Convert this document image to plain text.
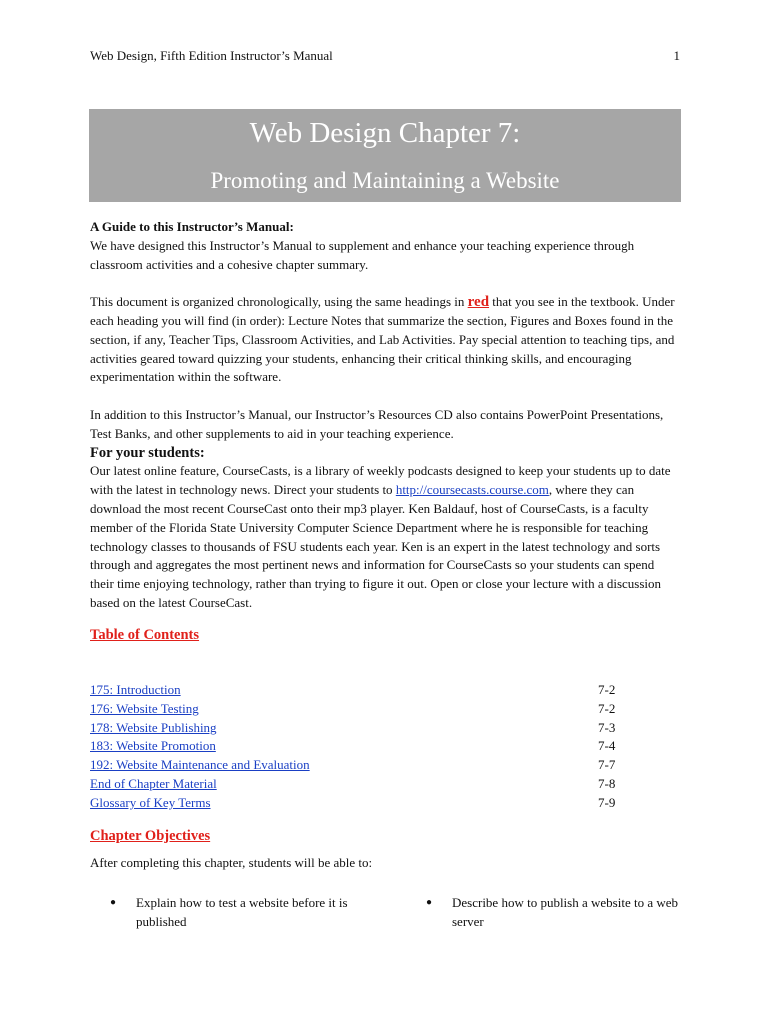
Web Design, Fifth Edition Instructor’s Manual	1
Web Design Chapter 7:
Promoting and Maintaining a Website

A Guide to this Instructor’s Manual:

We have designed this Instructor’s Manual to supplement and enhance your teaching experience through classroom activities and a cohesive chapter summary.

This document is organized chronologically, using the same headings in red that you see in the textbook. Under each heading you will find (in order): Lecture Notes that summarize the section, Figures and Boxes found in the section, if any, Teacher Tips, Classroom Activities, and Lab Activities. Pay special attention to teaching tips, and activities geared toward quizzing your students, enhancing their critical thinking skills, and encouraging experimentation within the software.

In addition to this Instructor’s Manual, our Instructor’s Resources CD also contains PowerPoint Presentations, Test Banks, and other supplements to aid in your teaching experience.

For your students:

Our latest online feature, CourseCasts, is a library of weekly podcasts designed to keep your students up to date with the latest in technology news. Direct your students to http://coursecasts.course.com, where they can download the most recent CourseCast onto their mp3 player. Ken Baldauf, host of CourseCasts, is a faculty member of the Florida State University Computer Science Department where he is responsible for teaching technology classes to thousands of FSU students each year. Ken is an expert in the latest technology and sorts through and aggregates the most pertinent news and information for CourseCasts so your students can spend their time enjoying technology, rather than trying to figure it out. Open or close your lecture with a discussion based on the latest CourseCast.

Table of Contents

175: Introduction	7-2
176: Website Testing	7-2
178: Website Publishing	7-3
183: Website Promotion	7-4
192: Website Maintenance and Evaluation	7-7
End of Chapter Material	7-8
Glossary of Key Terms	7-9
Chapter Objectives
After completing this chapter, students will be able to:
●	Explain how to test a website before it is published
●	Describe how to publish a website to a web server
